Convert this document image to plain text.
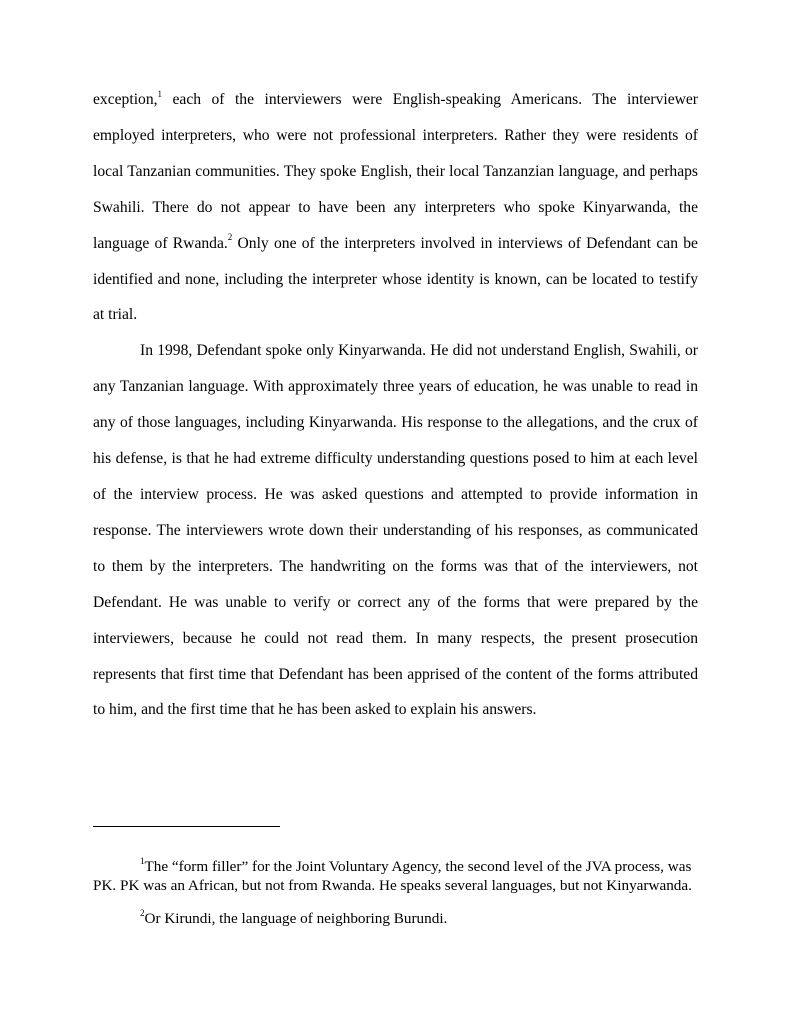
exception,$^1$ each of the interviewers were English-speaking Americans. The interviewer employed interpreters, who were not professional interpreters. Rather they were residents of local Tanzanian communities. They spoke English, their local Tanzanzian language, and perhaps Swahili. There do not appear to have been any interpreters who spoke Kinyarwanda, the language of Rwanda.$^2$ Only one of the interpreters involved in interviews of Defendant can be identified and none, including the interpreter whose identity is known, can be located to testify at trial.

In 1998, Defendant spoke only Kinyarwanda. He did not understand English, Swahili, or any Tanzanian language. With approximately three years of education, he was unable to read in any of those languages, including Kinyarwanda. His response to the allegations, and the crux of his defense, is that he had extreme difficulty understanding questions posed to him at each level of the interview process. He was asked questions and attempted to provide information in response. The interviewers wrote down their understanding of his responses, as communicated to them by the interpreters. The handwriting on the forms was that of the interviewers, not Defendant. He was unable to verify or correct any of the forms that were prepared by the interviewers, because he could not read them. In many respects, the present prosecution represents that first time that Defendant has been apprised of the content of the forms attributed to him, and the first time that he has been asked to explain his answers.

$^1$The “form filler” for the Joint Voluntary Agency, the second level of the JVA process, was PK. PK was an African, but not from Rwanda. He speaks several languages, but not Kinyarwanda.

$^2$Or Kirundi, the language of neighboring Burundi.
